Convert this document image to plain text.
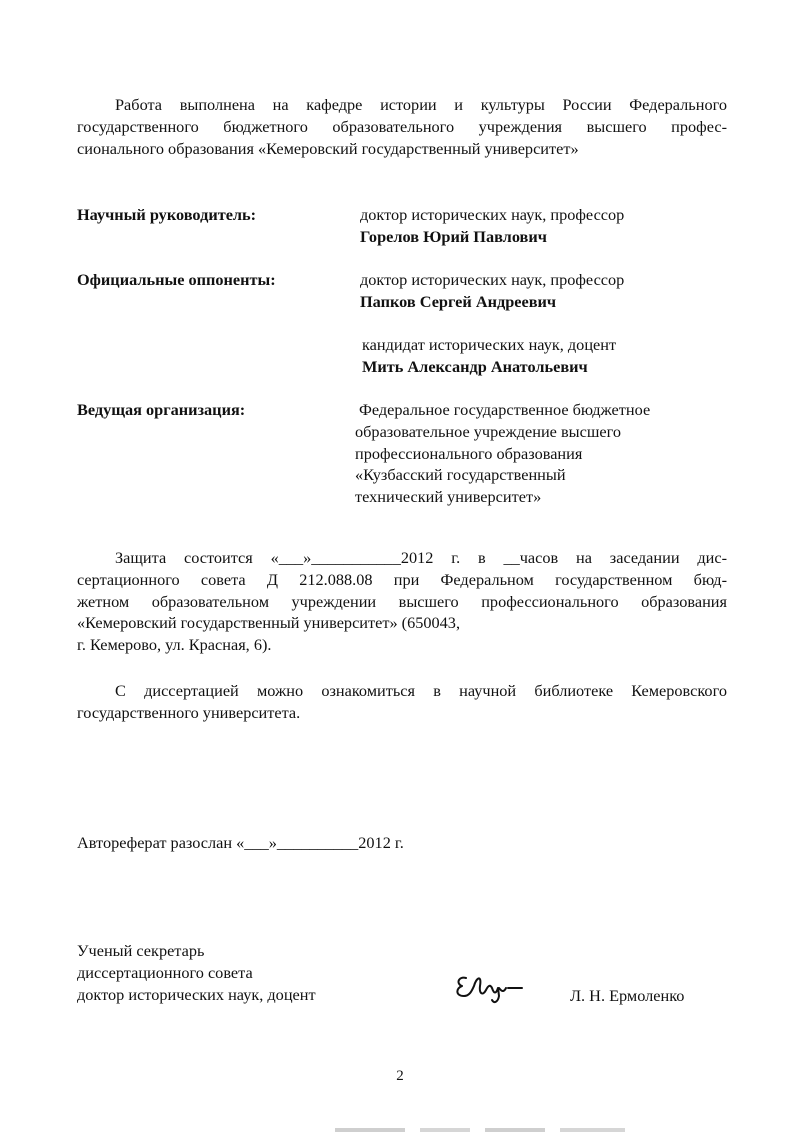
Работа выполнена на кафедре истории и культуры России Федерального
государственного бюджетного образовательного учреждения высшего профес-
сионального образования «Кемеровский государственный университет»

Научный руководитель:	доктор исторических наук, профессор
Горелов Юрий Павлович
Официальные оппоненты:	доктор исторических наук, профессор
Папков Сергей Андреевич
кандидат исторических наук, доцент
Мить Александр Анатольевич
Ведущая организация:	Федеральное государственное бюджетное
образовательное учреждение высшего
профессионального образования
«Кузбасский государственный
технический университет»

Защита состоится «___»___________2012 г. в __часов на заседании дис-
сертационного совета Д 212.088.08 при Федеральном государственном бюд-
жетном образовательном учреждении высшего профессионального образования
«Кемеровский государственный университет» (650043,
г. Кемерово, ул. Красная, 6).

С диссертацией можно ознакомиться в научной библиотеке Кемеровского
государственного университета.

Автореферат разослан «___»__________2012 г.
Ученый секретарь
диссертационного совета
доктор исторических наук, доцент	Л. Н. Ермоленко
2
